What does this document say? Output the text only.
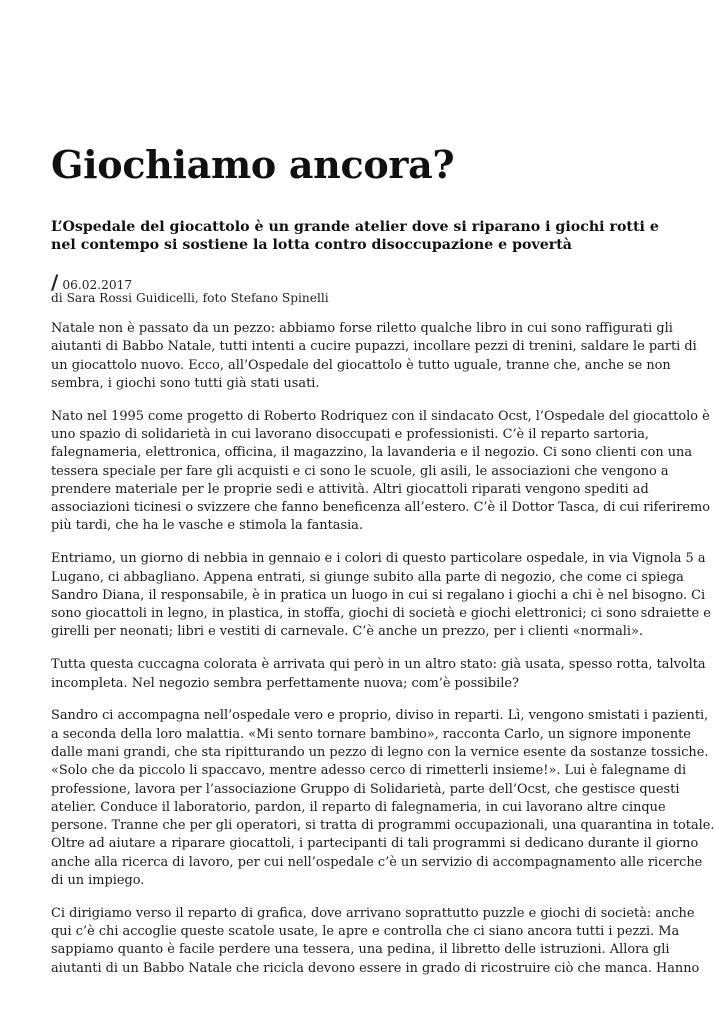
Giochiamo ancora?
L’Ospedale del giocattolo è un grande atelier dove si riparano i giochi rotti e nel contempo si sostiene la lotta contro disoccupazione e povertà
/ 06.02.2017
di Sara Rossi Guidicelli, foto Stefano Spinelli

Natale non è passato da un pezzo: abbiamo forse riletto qualche libro in cui sono raffigurati gli
aiutanti di Babbo Natale, tutti intenti a cucire pupazzi, incollare pezzi di trenini, saldare le parti di
un giocattolo nuovo. Ecco, all’Ospedale del giocattolo è tutto uguale, tranne che, anche se non
sembra, i giochi sono tutti già stati usati.

Nato nel 1995 come progetto di Roberto Rodriquez con il sindacato Ocst, l’Ospedale del giocattolo è
uno spazio di solidarietà in cui lavorano disoccupati e professionisti. C’è il reparto sartoria,
falegnameria, elettronica, officina, il magazzino, la lavanderia e il negozio. Ci sono clienti con una
tessera speciale per fare gli acquisti e ci sono le scuole, gli asili, le associazioni che vengono a
prendere materiale per le proprie sedi e attività. Altri giocattoli riparati vengono spediti ad
associazioni ticinesi o svizzere che fanno beneficenza all’estero. C’è il Dottor Tasca, di cui riferiremo
più tardi, che ha le vasche e stimola la fantasia.

Entriamo, un giorno di nebbia in gennaio e i colori di questo particolare ospedale, in via Vignola 5 a
Lugano, ci abbagliano. Appena entrati, si giunge subito alla parte di negozio, che come ci spiega
Sandro Diana, il responsabile, è in pratica un luogo in cui si regalano i giochi a chi è nel bisogno. Ci
sono giocattoli in legno, in plastica, in stoffa, giochi di società e giochi elettronici; ci sono sdraiette e
girelli per neonati; libri e vestiti di carnevale. C’è anche un prezzo, per i clienti «normali».

Tutta questa cuccagna colorata è arrivata qui però in un altro stato: già usata, spesso rotta, talvolta
incompleta. Nel negozio sembra perfettamente nuova; com’è possibile?

Sandro ci accompagna nell’ospedale vero e proprio, diviso in reparti. Lì, vengono smistati i pazienti,
a seconda della loro malattia. «Mi sento tornare bambino», racconta Carlo, un signore imponente
dalle mani grandi, che sta ripitturando un pezzo di legno con la vernice esente da sostanze tossiche.
«Solo che da piccolo li spaccavo, mentre adesso cerco di rimetterli insieme!». Lui è falegname di
professione, lavora per l’associazione Gruppo di Solidarietà, parte dell’Ocst, che gestisce questi
atelier. Conduce il laboratorio, pardon, il reparto di falegnameria, in cui lavorano altre cinque
persone. Tranne che per gli operatori, si tratta di programmi occupazionali, una quarantina in totale.
Oltre ad aiutare a riparare giocattoli, i partecipanti di tali programmi si dedicano durante il giorno
anche alla ricerca di lavoro, per cui nell’ospedale c’è un servizio di accompagnamento alle ricerche
di un impiego.

Ci dirigiamo verso il reparto di grafica, dove arrivano soprattutto puzzle e giochi di società: anche
qui c’è chi accoglie queste scatole usate, le apre e controlla che ci siano ancora tutti i pezzi. Ma
sappiamo quanto è facile perdere una tessera, una pedina, il libretto delle istruzioni. Allora gli
aiutanti di un Babbo Natale che ricicla devono essere in grado di ricostruire ciò che manca. Hanno
